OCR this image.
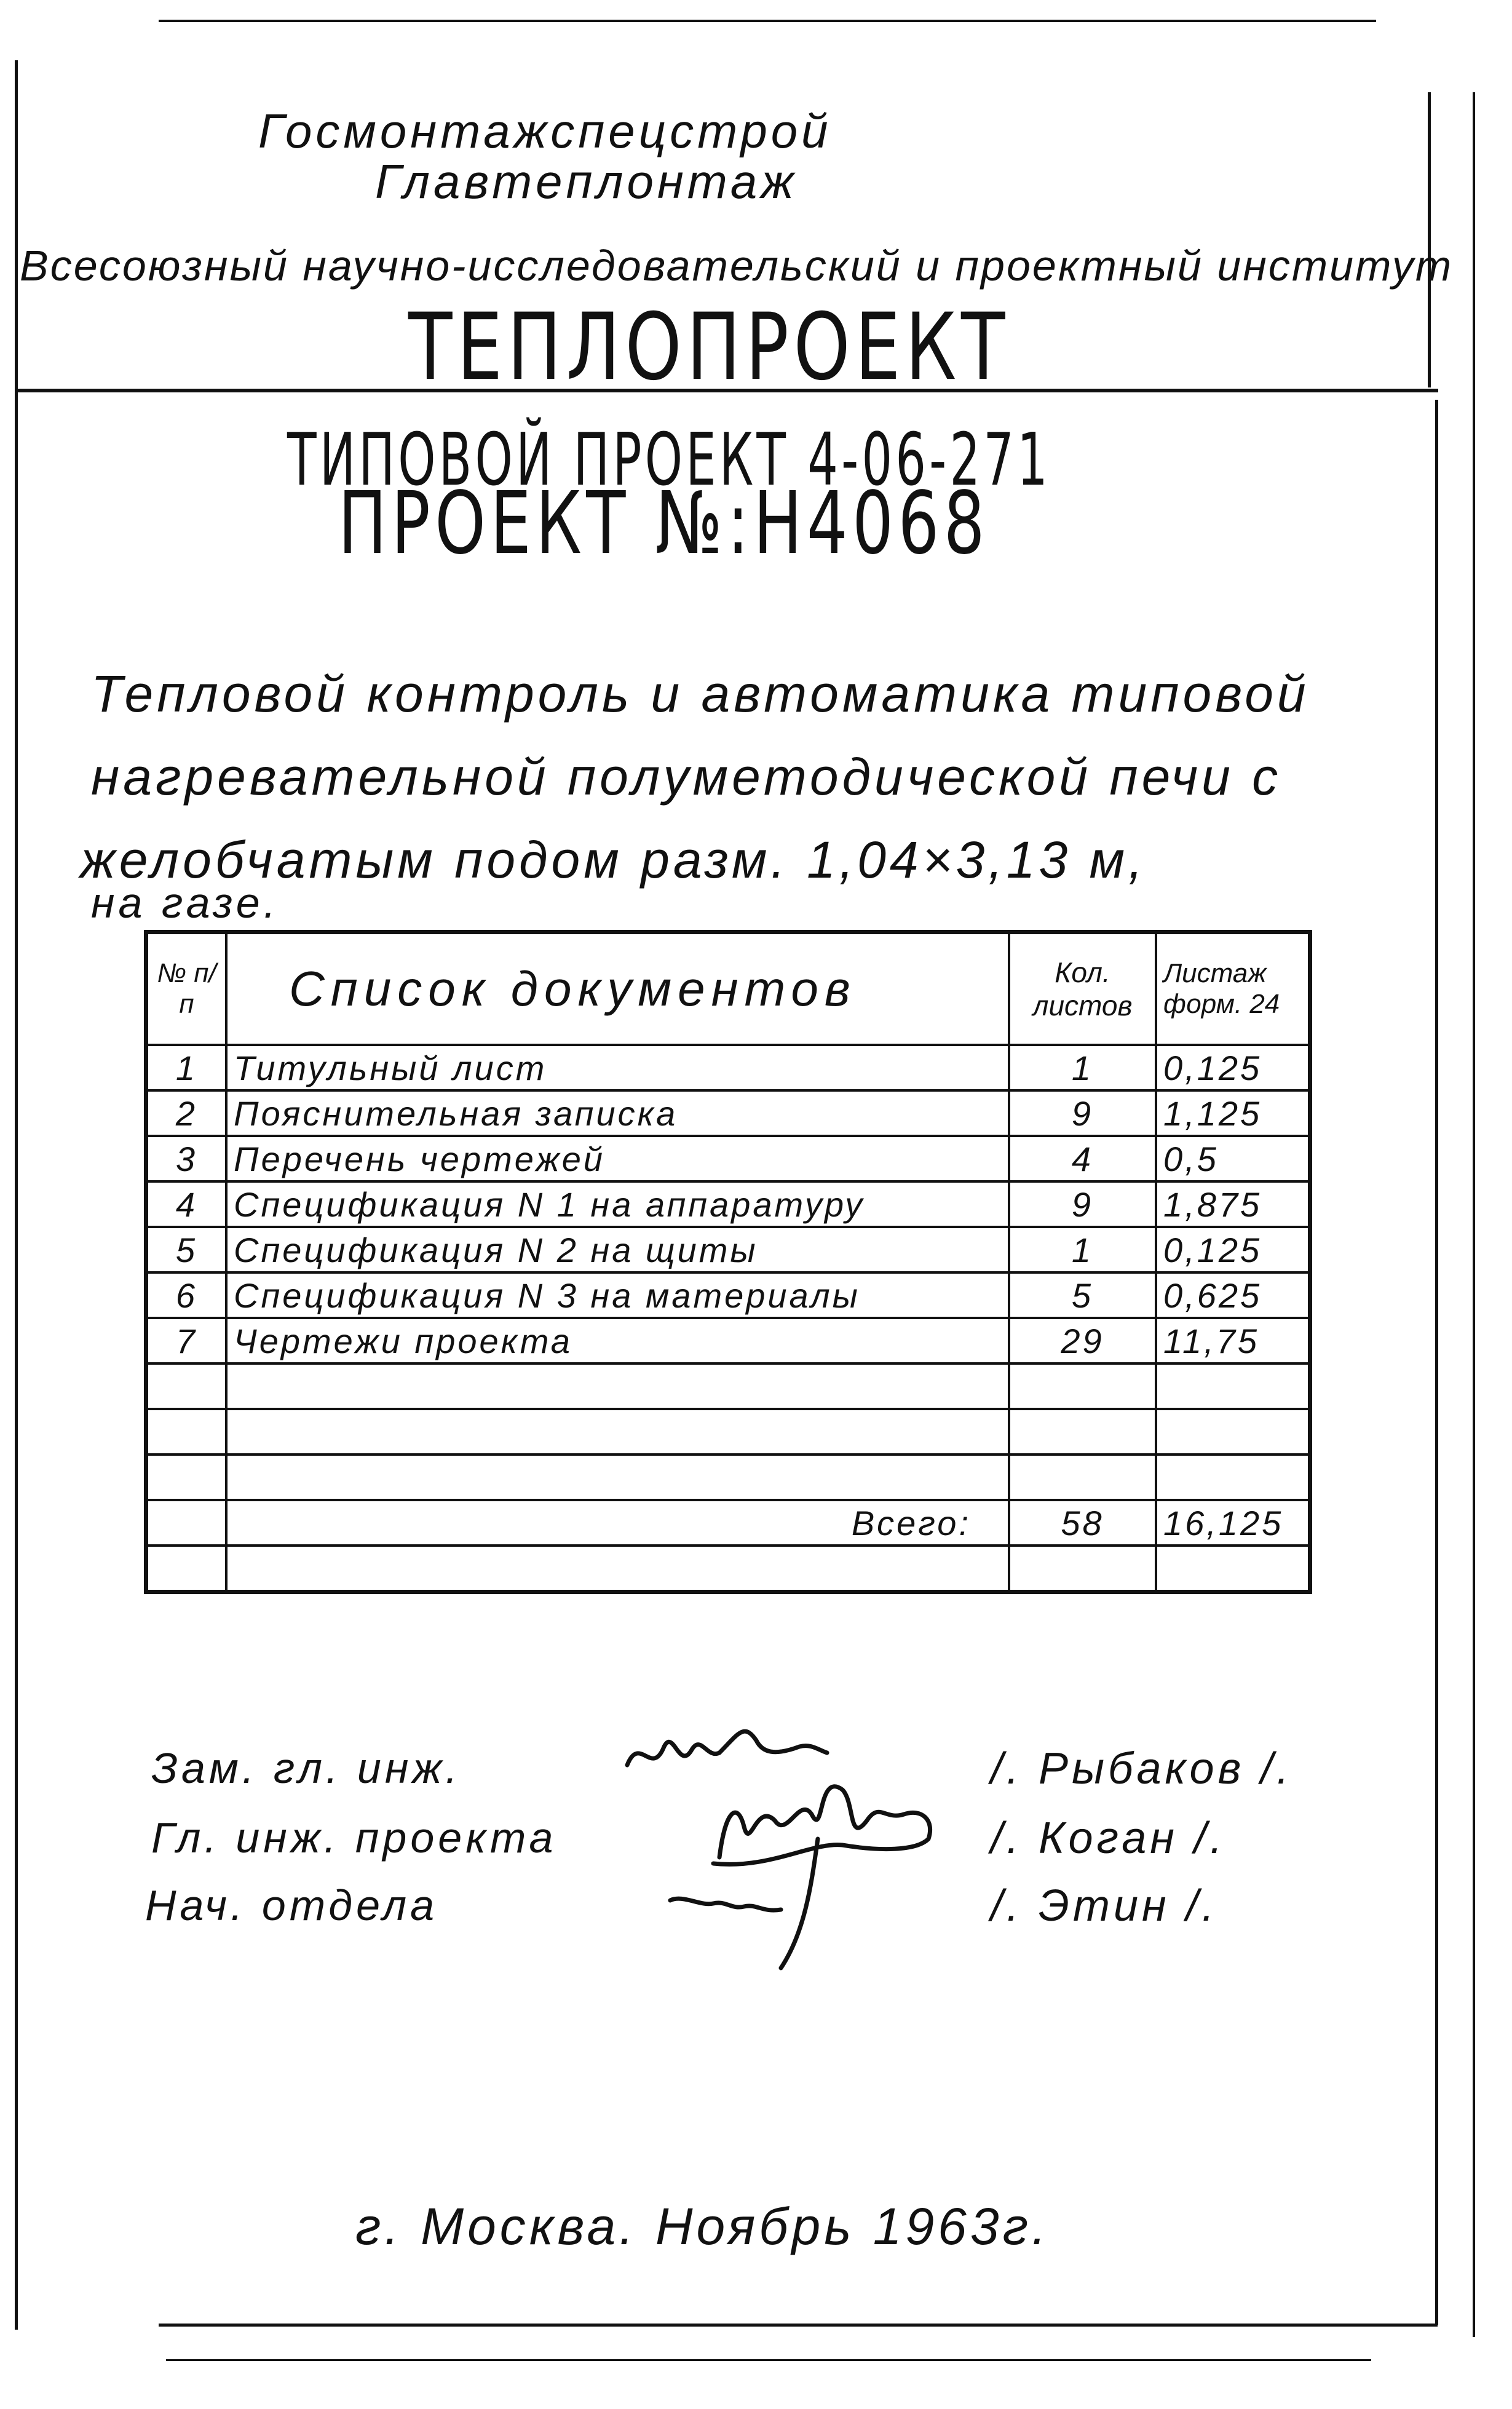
Госмонтажспецстрой
Главтеплонтаж
Всесоюзный научно-исследовательский и проектный институт
ТЕПЛОПРОЕКТ
ТИПОВОЙ ПРОЕКТ 4-06-271
ПРОЕКТ №:Н4068
Тепловой контроль и автоматика типовой
нагревательной полуметодической печи с
желобчатым подом разм. 1,04×3,13 м,
на газе.
№ п/п	Список документов	Кол. листов	Листаж форм. 24
1	Титульный лист	1	0,125
2	Пояснительная записка	9	1,125
3	Перечень чертежей	4	0,5
4	Спецификация N 1 на аппаратуру	9	1,875
5	Спецификация N 2 на щиты	1	0,125
6	Спецификация N 3 на материалы	5	0,625
7	Чертежи проекта	29	11,75

	Всего:	58	16,125

Зам. гл. инж.
Гл. инж. проекта
Нач. отдела
/. Рыбаков /.
/. Коган /.
/. Этин /.
г. Москва. Ноябрь 1963г.
